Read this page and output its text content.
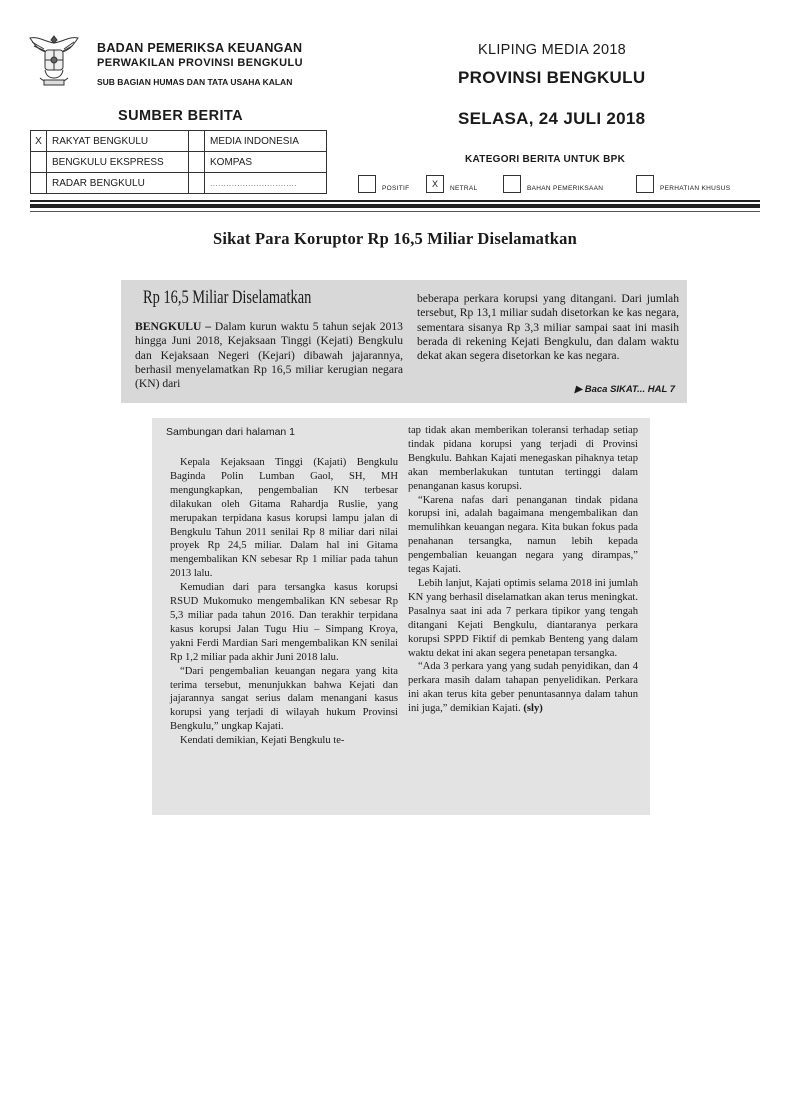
BADAN PEMERIKSA KEUANGAN
PERWAKILAN PROVINSI BENGKULU
SUB BAGIAN HUMAS DAN TATA USAHA KALAN
KLIPING MEDIA 2018
PROVINSI BENGKULU
SELASA, 24 JULI 2018
SUMBER BERITA
X	RAKYAT BENGKULU		MEDIA INDONESIA
	BENGKULU EKSPRESS		KOMPAS
	RADAR BENGKULU		................................
KATEGORI BERITA UNTUK BPK
POSITIF	X	NETRAL	BAHAN PEMERIKSAAN	PERHATIAN KHUSUS
Sikat Para Koruptor Rp 16,5 Miliar Diselamatkan
Rp 16,5 Miliar Diselamatkan
BENGKULU – Dalam kurun waktu 5 tahun sejak 2013 hingga Juni 2018, Kejaksaan Tinggi (Kejati) Bengkulu dan Kejaksaan Negeri (Kejari) dibawah jajarannya, berhasil menyelamatkan Rp 16,5 miliar kerugian negara (KN) dari
beberapa perkara korupsi yang ditangani. Dari jumlah tersebut, Rp 13,1 miliar sudah disetorkan ke kas negara, sementara sisanya Rp 3,3 miliar sampai saat ini masih berada di rekening Kejati Bengkulu, dan dalam waktu dekat akan segera disetorkan ke kas negara.
▶ Baca SIKAT... HAL 7
Sambungan dari halaman 1

Kepala Kejaksaan Tinggi (Kajati) Bengkulu Baginda Polin Lumban Gaol, SH, MH mengungkapkan, pengembalian KN terbesar dilakukan oleh Gitama Rahardja Ruslie, yang merupakan terpidana kasus korupsi lampu jalan di Bengkulu Tahun 2011 senilai Rp 8 miliar dari nilai proyek Rp 24,5 miliar. Dalam hal ini Gitama mengembalikan KN sebesar Rp 1 miliar pada tahun 2013 lalu.

Kemudian dari para tersangka kasus korupsi RSUD Mukomuko mengembalikan KN sebesar Rp 5,3 miliar pada tahun 2016. Dan terakhir terpidana kasus korupsi Jalan Tugu Hiu – Simpang Kroya, yakni Ferdi Mardian Sari mengembalikan KN senilai Rp 1,2 miliar pada akhir Juni 2018 lalu.

“Dari pengembalian keuangan negara yang kita terima tersebut, menunjukkan bahwa Kejati dan jajarannya sangat serius dalam menangani kasus korupsi yang terjadi di wilayah hukum Provinsi Bengkulu,” ungkap Kajati.

Kendati demikian, Kejati Bengkulu te-

tap tidak akan memberikan toleransi terhadap setiap tindak pidana korupsi yang terjadi di Provinsi Bengkulu. Bahkan Kajati menegaskan pihaknya tetap akan memberlakukan tuntutan tertinggi dalam penanganan kasus korupsi.

“Karena nafas dari penanganan tindak pidana korupsi ini, adalah bagaimana mengembalikan dan memulihkan keuangan negara. Kita bukan fokus pada penahanan tersangka, namun lebih kepada pengembalian keuangan negara yang dirampas,” tegas Kajati.

Lebih lanjut, Kajati optimis selama 2018 ini jumlah KN yang berhasil diselamatkan akan terus meningkat. Pasalnya saat ini ada 7 perkara tipikor yang tengah ditangani Kejati Bengkulu, diantaranya perkara korupsi SPPD Fiktif di pemkab Benteng yang dalam waktu dekat ini akan segera penetapan tersangka.

“Ada 3 perkara yang yang sudah penyidikan, dan 4 perkara masih dalam tahapan penyelidikan. Perkara ini akan terus kita geber penuntasannya dalam tahun ini juga,” demikian Kajati. (sly)
